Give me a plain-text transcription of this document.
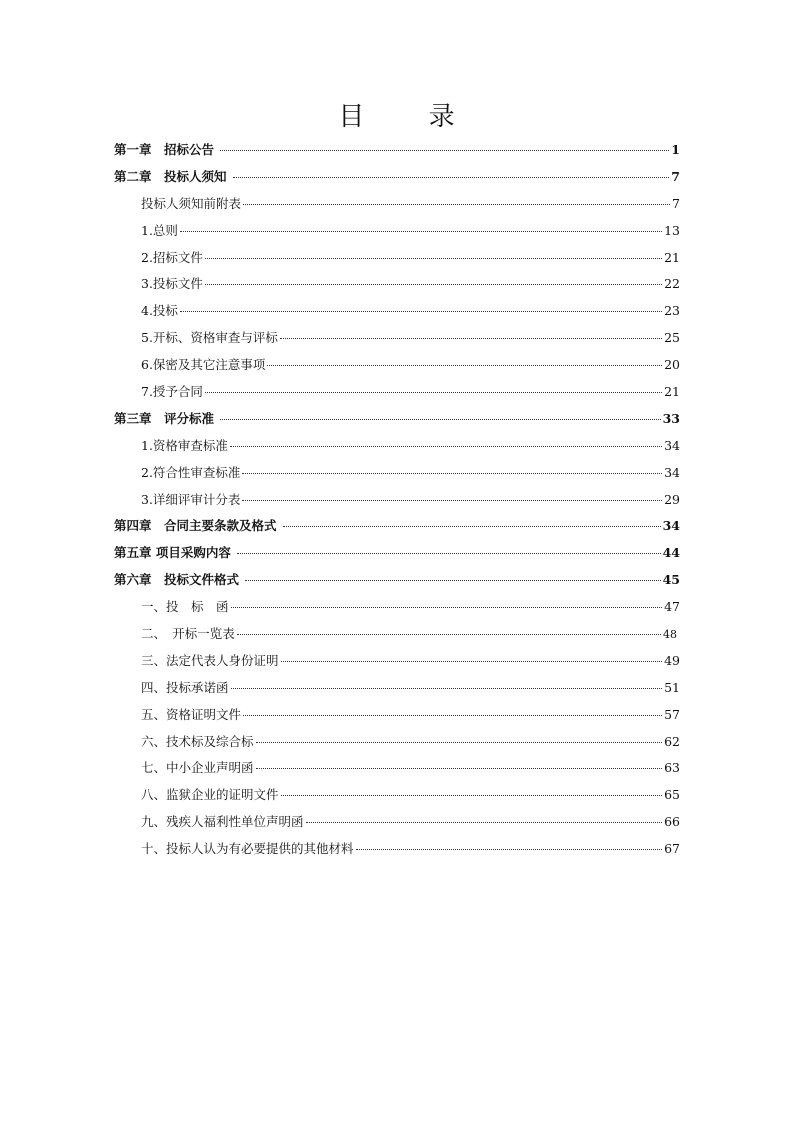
目 录
第一章　招标公告	1
第二章　投标人须知	7
投标人须知前附表	7
1.总则	13
2.招标文件	21
3.投标文件	22
4.投标	23
5.开标、资格审查与评标	25
6.保密及其它注意事项	20
7.授予合同	21
第三章　评分标准	33
1.资格审查标准	34
2.符合性审查标准	34
3.详细评审计分表	29
第四章　合同主要条款及格式	34
第五章 项目采购内容	44
第六章　投标文件格式	45
一、投　标　函	47
二、　开标一览表	48
三、法定代表人身份证明	49
四、投标承诺函	51
五、资格证明文件	57
六、技术标及综合标	62
七、中小企业声明函	63
八、监狱企业的证明文件	65
九、残疾人福利性单位声明函	66
十、投标人认为有必要提供的其他材料	67
